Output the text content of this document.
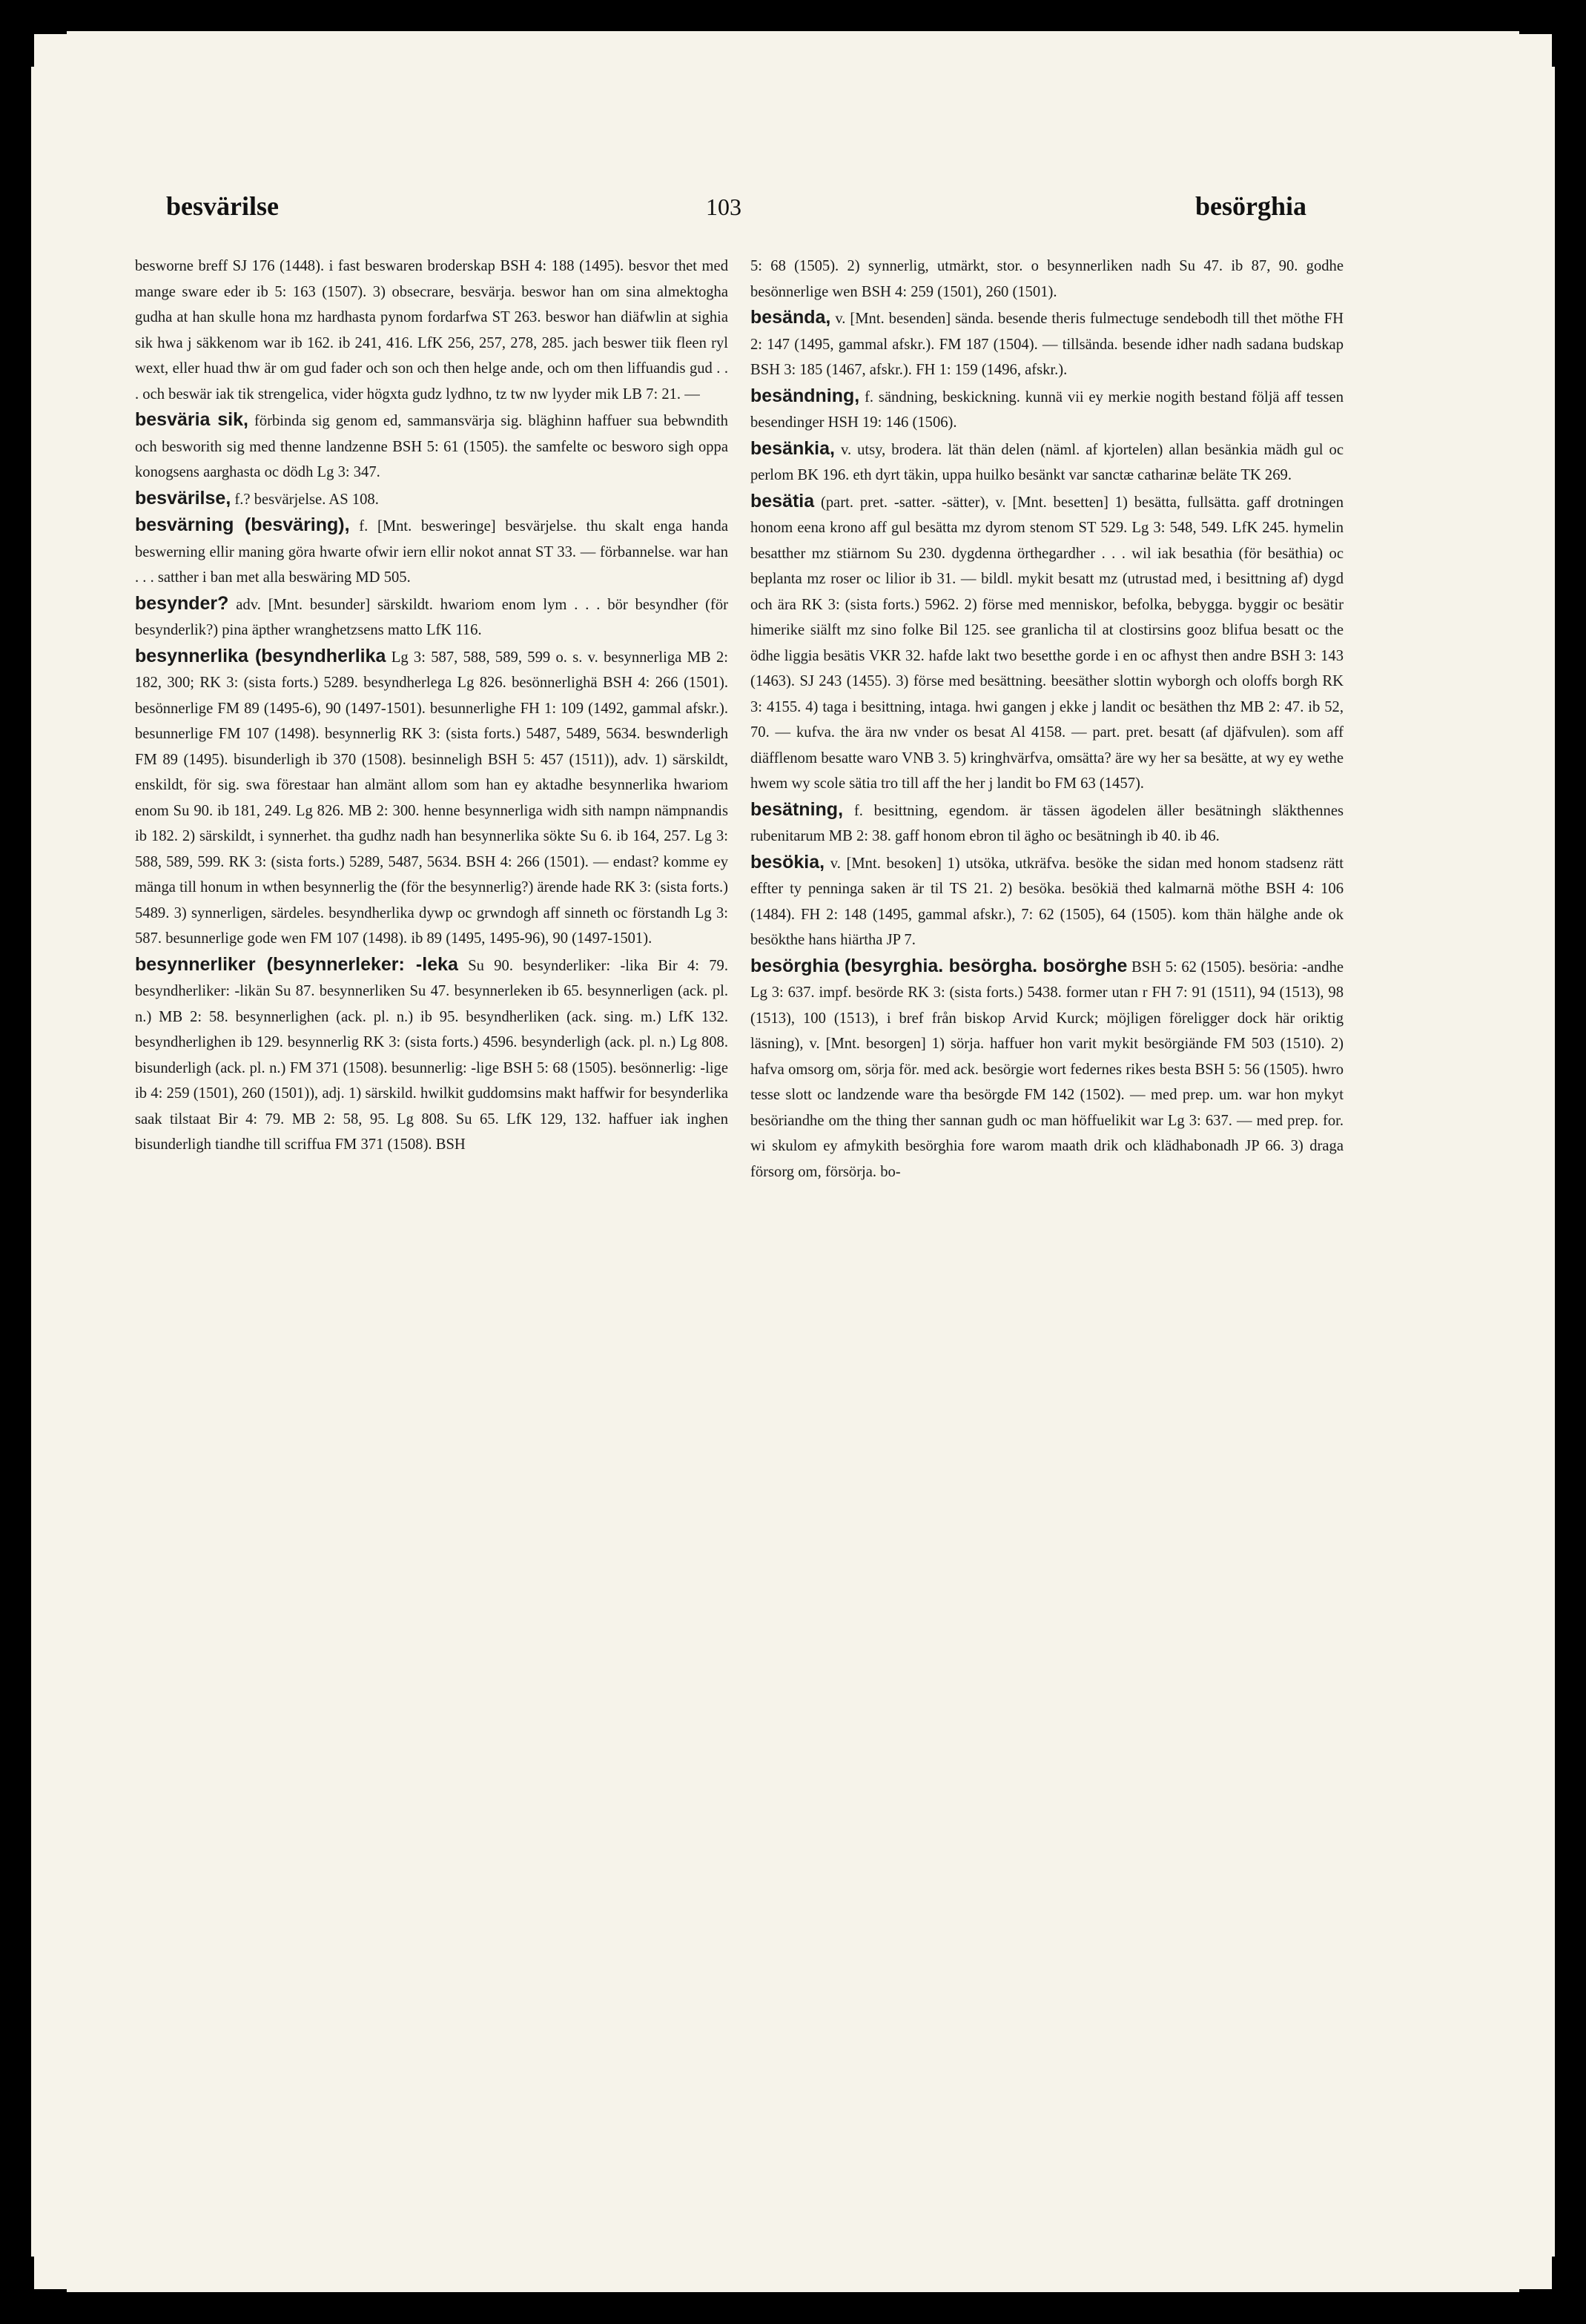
besvärilse	103	besörghia

besworne breff SJ 176 (1448). i fast beswaren broderskap BSH 4: 188 (1495). besvor thet med mange sware eder ib 5: 163 (1507). 3) obsecrare, besvärja. beswor han om sina almektogha gudha at han skulle hona mz hardhasta pynom fordarfwa ST 263. beswor han diäfwlin at sighia sik hwa j säkkenom war ib 162. ib 241, 416. LfK 256, 257, 278, 285. jach beswer tiik fleen ryl wext, eller huad thw är om gud fader och son och then helge ande, och om then liffuandis gud . . . och beswär iak tik strengelica, vider högxta gudz lydhno, tz tw nw lyyder mik LB 7: 21. —

besväria sik, förbinda sig genom ed, sammansvärja sig. bläghinn haffuer sua bebwndith och besworith sig med thenne landzenne BSH 5: 61 (1505). the samfelte oc besworo sigh oppa konogsens aarghasta oc dödh Lg 3: 347.

besvärilse, f.? besvärjelse. AS 108.

besvärning (besväring), f. [Mnt. besweringe] besvärjelse. thu skalt enga handa beswerning ellir maning göra hwarte ofwir iern ellir nokot annat ST 33. — förbannelse. war han . . . satther i ban met alla beswäring MD 505.

besynder? adv. [Mnt. besunder] särskildt. hwariom enom lym . . . bör besyndher (för besynderlik?) pina äpther wranghetzsens matto LfK 116.

besynnerlika (besyndherlika Lg 3: 587, 588, 589, 599 o. s. v. besynnerliga MB 2: 182, 300; RK 3: (sista forts.) 5289. besyndherlega Lg 826. besönnerlighä BSH 4: 266 (1501). besönnerlige FM 89 (1495-6), 90 (1497-1501). besunnerlighe FH 1: 109 (1492, gammal afskr.). besunnerlige FM 107 (1498). besynnerlig RK 3: (sista forts.) 5487, 5489, 5634. beswnderligh FM 89 (1495). bisunderligh ib 370 (1508). besinneligh BSH 5: 457 (1511)), adv. 1) särskildt, enskildt, för sig. swa förestaar han almänt allom som han ey aktadhe besynnerlika hwariom enom Su 90. ib 181, 249. Lg 826. MB 2: 300. henne besynnerliga widh sith nampn nämpnandis ib 182. 2) särskildt, i synnerhet. tha gudhz nadh han besynnerlika sökte Su 6. ib 164, 257. Lg 3: 588, 589, 599. RK 3: (sista forts.) 5289, 5487, 5634. BSH 4: 266 (1501). — endast? komme ey mänga till honum in wthen besynnerlig the (för the besynnerlig?) ärende hade RK 3: (sista forts.) 5489. 3) synnerligen, särdeles. besyndherlika dywp oc grwndogh aff sinneth oc förstandh Lg 3: 587. besunnerlige gode wen FM 107 (1498). ib 89 (1495, 1495-96), 90 (1497-1501).

besynnerliker (besynnerleker: -leka Su 90. besynderliker: -lika Bir 4: 79. besyndherliker: -likän Su 87. besynnerliken Su 47. besynnerleken ib 65. besynnerligen (ack. pl. n.) MB 2: 58. besynnerlighen (ack. pl. n.) ib 95. besyndherliken (ack. sing. m.) LfK 132. besyndherlighen ib 129. besynnerlig RK 3: (sista forts.) 4596. besynderligh (ack. pl. n.) Lg 808. bisunderligh (ack. pl. n.) FM 371 (1508). besunnerlig: -lige BSH 5: 68 (1505). besönnerlig: -lige ib 4: 259 (1501), 260 (1501)), adj. 1) särskild. hwilkit guddomsins makt haffwir for besynderlika saak tilstaat Bir 4: 79. MB 2: 58, 95. Lg 808. Su 65. LfK 129, 132. haffuer iak inghen bisunderligh tiandhe till scriffua FM 371 (1508). BSH

5: 68 (1505). 2) synnerlig, utmärkt, stor. o besynnerliken nadh Su 47. ib 87, 90. godhe besönnerlige wen BSH 4: 259 (1501), 260 (1501).

besända, v. [Mnt. besenden] sända. besende theris fulmectuge sendebodh till thet möthe FH 2: 147 (1495, gammal afskr.). FM 187 (1504). — tillsända. besende idher nadh sadana budskap BSH 3: 185 (1467, afskr.). FH 1: 159 (1496, afskr.).

besändning, f. sändning, beskickning. kunnä vii ey merkie nogith bestand följä aff tessen besendinger HSH 19: 146 (1506).

besänkia, v. utsy, brodera. lät thän delen (näml. af kjortelen) allan besänkia mädh gul oc perlom BK 196. eth dyrt täkin, uppa huilko besänkt var sanctæ catharinæ beläte TK 269.

besätia (part. pret. -satter. -sätter), v. [Mnt. besetten] 1) besätta, fullsätta. gaff drotningen honom eena krono aff gul besätta mz dyrom stenom ST 529. Lg 3: 548, 549. LfK 245. hymelin besatther mz stiärnom Su 230. dygdenna örthegardher . . . wil iak besathia (för besäthia) oc beplanta mz roser oc lilior ib 31. — bildl. mykit besatt mz (utrustad med, i besittning af) dygd och ära RK 3: (sista forts.) 5962. 2) förse med menniskor, befolka, bebygga. byggir oc besätir himerike siälft mz sino folke Bil 125. see granlicha til at clostirsins gooz blifua besatt oc the ödhe liggia besätis VKR 32. hafde lakt two besetthe gorde i en oc afhyst then andre BSH 3: 143 (1463). SJ 243 (1455). 3) förse med besättning. beesäther slottin wyborgh och oloffs borgh RK 3: 4155. 4) taga i besittning, intaga. hwi gangen j ekke j landit oc besäthen thz MB 2: 47. ib 52, 70. — kufva. the ära nw vnder os besat Al 4158. — part. pret. besatt (af djäfvulen). som aff diäfflenom besatte waro VNB 3. 5) kringhvärfva, omsätta? äre wy her sa besätte, at wy ey wethe hwem wy scole sätia tro till aff the her j landit bo FM 63 (1457).

besätning, f. besittning, egendom. är tässen ägodelen äller besätningh släkthennes rubenitarum MB 2: 38. gaff honom ebron til ägho oc besätningh ib 40. ib 46.

besökia, v. [Mnt. besoken] 1) utsöka, utkräfva. besöke the sidan med honom stadsenz rätt effter ty penninga saken är til TS 21. 2) besöka. besökiä thed kalmarnä möthe BSH 4: 106 (1484). FH 2: 148 (1495, gammal afskr.), 7: 62 (1505), 64 (1505). kom thän hälghe ande ok besökthe hans hiärtha JP 7.

besörghia (besyrghia. besörgha. bosörghe BSH 5: 62 (1505). besöria: -andhe Lg 3: 637. impf. besörde RK 3: (sista forts.) 5438. former utan r FH 7: 91 (1511), 94 (1513), 98 (1513), 100 (1513), i bref från biskop Arvid Kurck; möjligen föreligger dock här oriktig läsning), v. [Mnt. besorgen] 1) sörja. haffuer hon varit mykit besörgiände FM 503 (1510). 2) hafva omsorg om, sörja för. med ack. besörgie wort federnes rikes besta BSH 5: 56 (1505). hwro tesse slott oc landzende ware tha besörgde FM 142 (1502). — med prep. um. war hon mykyt besöriandhe om the thing ther sannan gudh oc man höffuelikit war Lg 3: 637. — med prep. for. wi skulom ey afmykith besörghia fore warom maath drik och klädhabonadh JP 66. 3) draga försorg om, försörja. bo-
